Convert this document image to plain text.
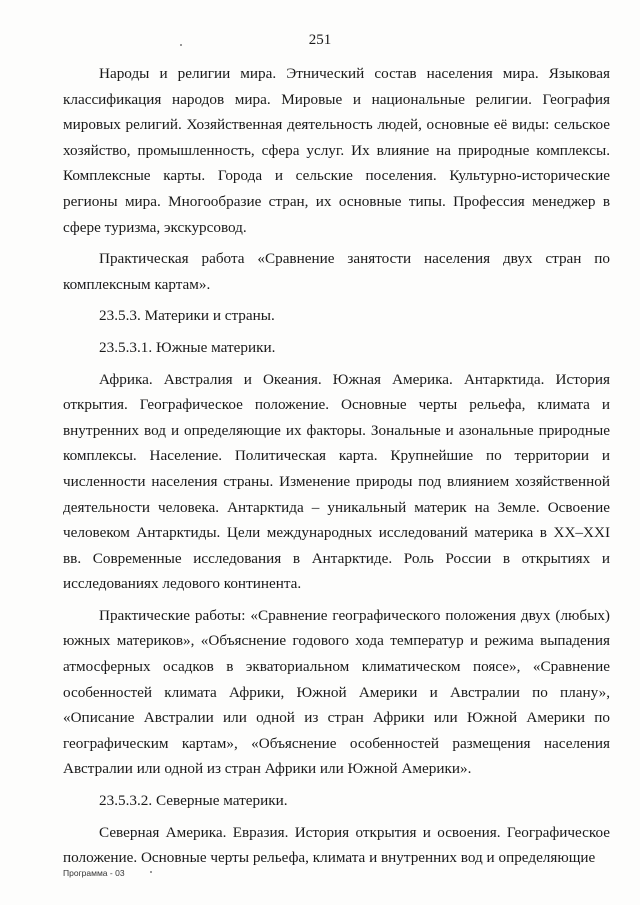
251

Народы и религии мира. Этнический состав населения мира. Языковая классификация народов мира. Мировые и национальные религии. География мировых религий. Хозяйственная деятельность людей, основные её виды: сельское хозяйство, промышленность, сфера услуг. Их влияние на природные комплексы. Комплексные карты. Города и сельские поселения. Культурно-исторические регионы мира. Многообразие стран, их основные типы. Профессия менеджер в сфере туризма, экскурсовод.

Практическая работа «Сравнение занятости населения двух стран по комплексным картам».

23.5.3. Материки и страны.

23.5.3.1. Южные материки.

Африка. Австралия и Океания. Южная Америка. Антарктида. История открытия. Географическое положение. Основные черты рельефа, климата и внутренних вод и определяющие их факторы. Зональные и азональные природные комплексы. Население. Политическая карта. Крупнейшие по территории и численности населения страны. Изменение природы под влиянием хозяйственной деятельности человека. Антарктида – уникальный материк на Земле. Освоение человеком Антарктиды. Цели международных исследований материка в XX–XXI вв. Современные исследования в Антарктиде. Роль России в открытиях и исследованиях ледового континента.

Практические работы: «Сравнение географического положения двух (любых) южных материков», «Объяснение годового хода температур и режима выпадения атмосферных осадков в экваториальном климатическом поясе», «Сравнение особенностей климата Африки, Южной Америки и Австралии по плану», «Описание Австралии или одной из стран Африки или Южной Америки по географическим картам», «Объяснение особенностей размещения населения Австралии или одной из стран Африки или Южной Америки».

23.5.3.2. Северные материки.

Северная Америка. Евразия. История открытия и освоения. Географическое положение. Основные черты рельефа, климата и внутренних вод и определяющие

Программа - 03
